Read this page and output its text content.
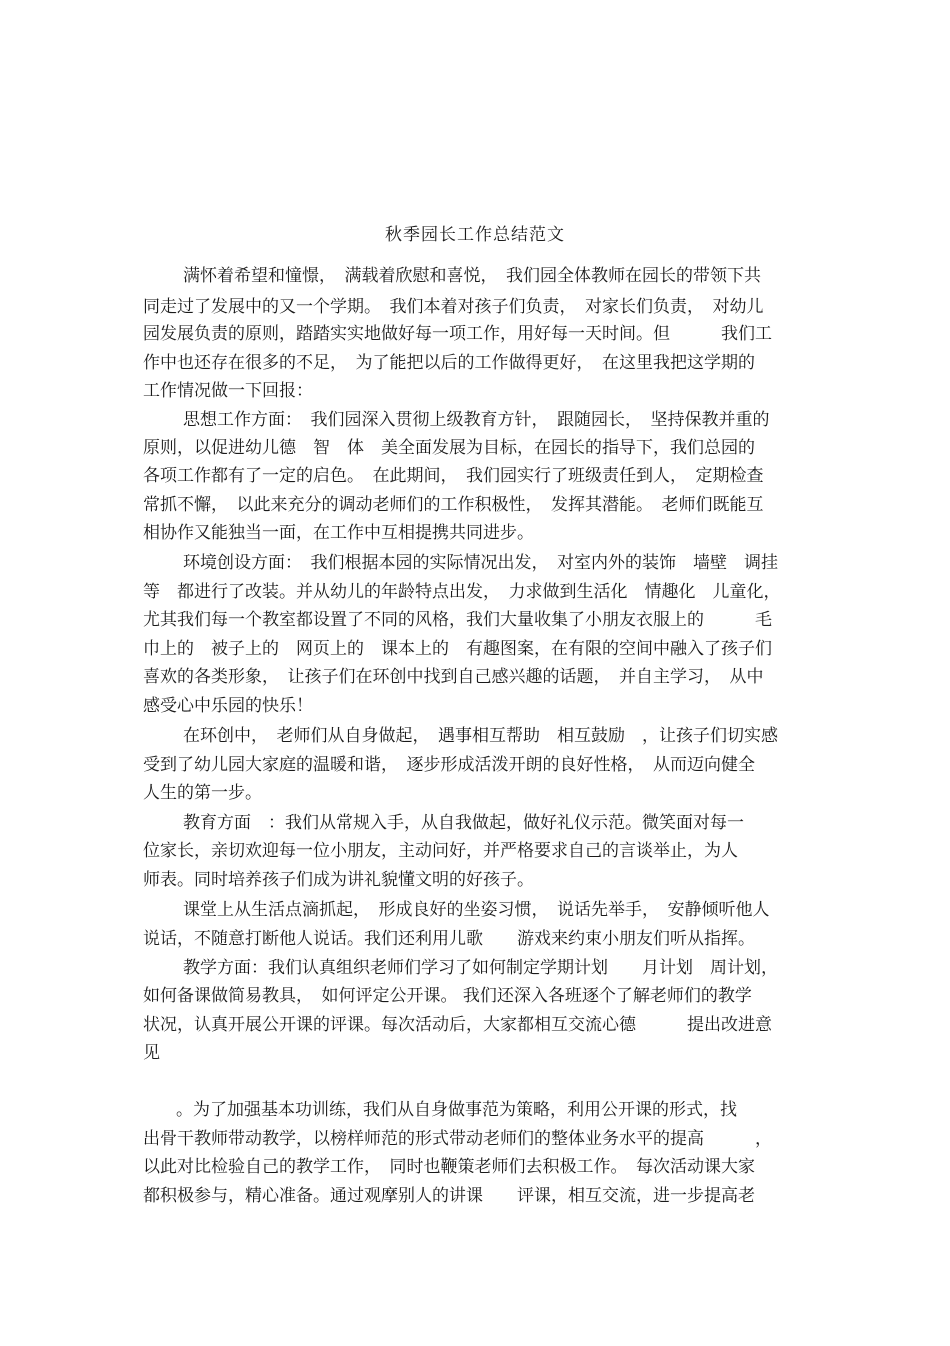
秋季园长工作总结范文
满怀着希望和憧憬，　满载着欣慰和喜悦，　我们园全体教师在园长的带领下共
同走过了发展中的又一个学期。　我们本着对孩子们负责，　对家长们负责，　对幼儿
园发展负责的原则，踏踏实实地做好每一项工作，用好每一天时间。但　　　我们工
作中也还存在很多的不足，　为了能把以后的工作做得更好，　在这里我把这学期的
工作情况做一下回报：
思想工作方面：　我们园深入贯彻上级教育方针，　跟随园长，　坚持保教并重的
原则，以促进幼儿德　智　体　美全面发展为目标，在园长的指导下，我们总园的
各项工作都有了一定的启色。　在此期间，　我们园实行了班级责任到人，　定期检查
常抓不懈，　以此来充分的调动老师们的工作积极性，　发挥其潜能。　老师们既能互
相协作又能独当一面，在工作中互相提携共同进步。
环境创设方面：　我们根据本园的实际情况出发，　对室内外的装饰　墙壁　调挂
等　都进行了改装。并从幼儿的年龄特点出发，　力求做到生活化　情趣化　儿童化，
尤其我们每一个教室都设置了不同的风格，我们大量收集了小朋友衣服上的　　　毛
巾上的　被子上的　网页上的　课本上的　有趣图案，在有限的空间中融入了孩子们
喜欢的各类形象，　让孩子们在环创中找到自己感兴趣的话题，　并自主学习，　从中
感受心中乐园的快乐！
在环创中，　老师们从自身做起，　遇事相互帮助　相互鼓励　，让孩子们切实感
受到了幼儿园大家庭的温暖和谐，　逐步形成活泼开朗的良好性格，　从而迈向健全
人生的第一步。
教育方面　：我们从常规入手，从自我做起，做好礼仪示范。微笑面对每一
位家长，亲切欢迎每一位小朋友，主动问好，并严格要求自己的言谈举止，为人
师表。同时培养孩子们成为讲礼貌懂文明的好孩子。
课堂上从生活点滴抓起，　形成良好的坐姿习惯，　说话先举手，　安静倾听他人
说话，不随意打断他人说话。我们还利用儿歌　　游戏来约束小朋友们听从指挥。
教学方面：我们认真组织老师们学习了如何制定学期计划　　月计划　周计划，
如何备课做简易教具，　如何评定公开课。 我们还深入各班逐个了解老师们的教学
状况，认真开展公开课的评课。每次活动后，大家都相互交流心德　　　提出改进意
见
。为了加强基本功训练，我们从自身做事范为策略，利用公开课的形式，找
出骨干教师带动教学，以榜样师范的形式带动老师们的整体业务水平的提高　　　，
以此对比检验自己的教学工作，　同时也鞭策老师们去积极工作。　每次活动课大家
都积极参与，精心准备。通过观摩别人的讲课　　评课，相互交流，进一步提高老
